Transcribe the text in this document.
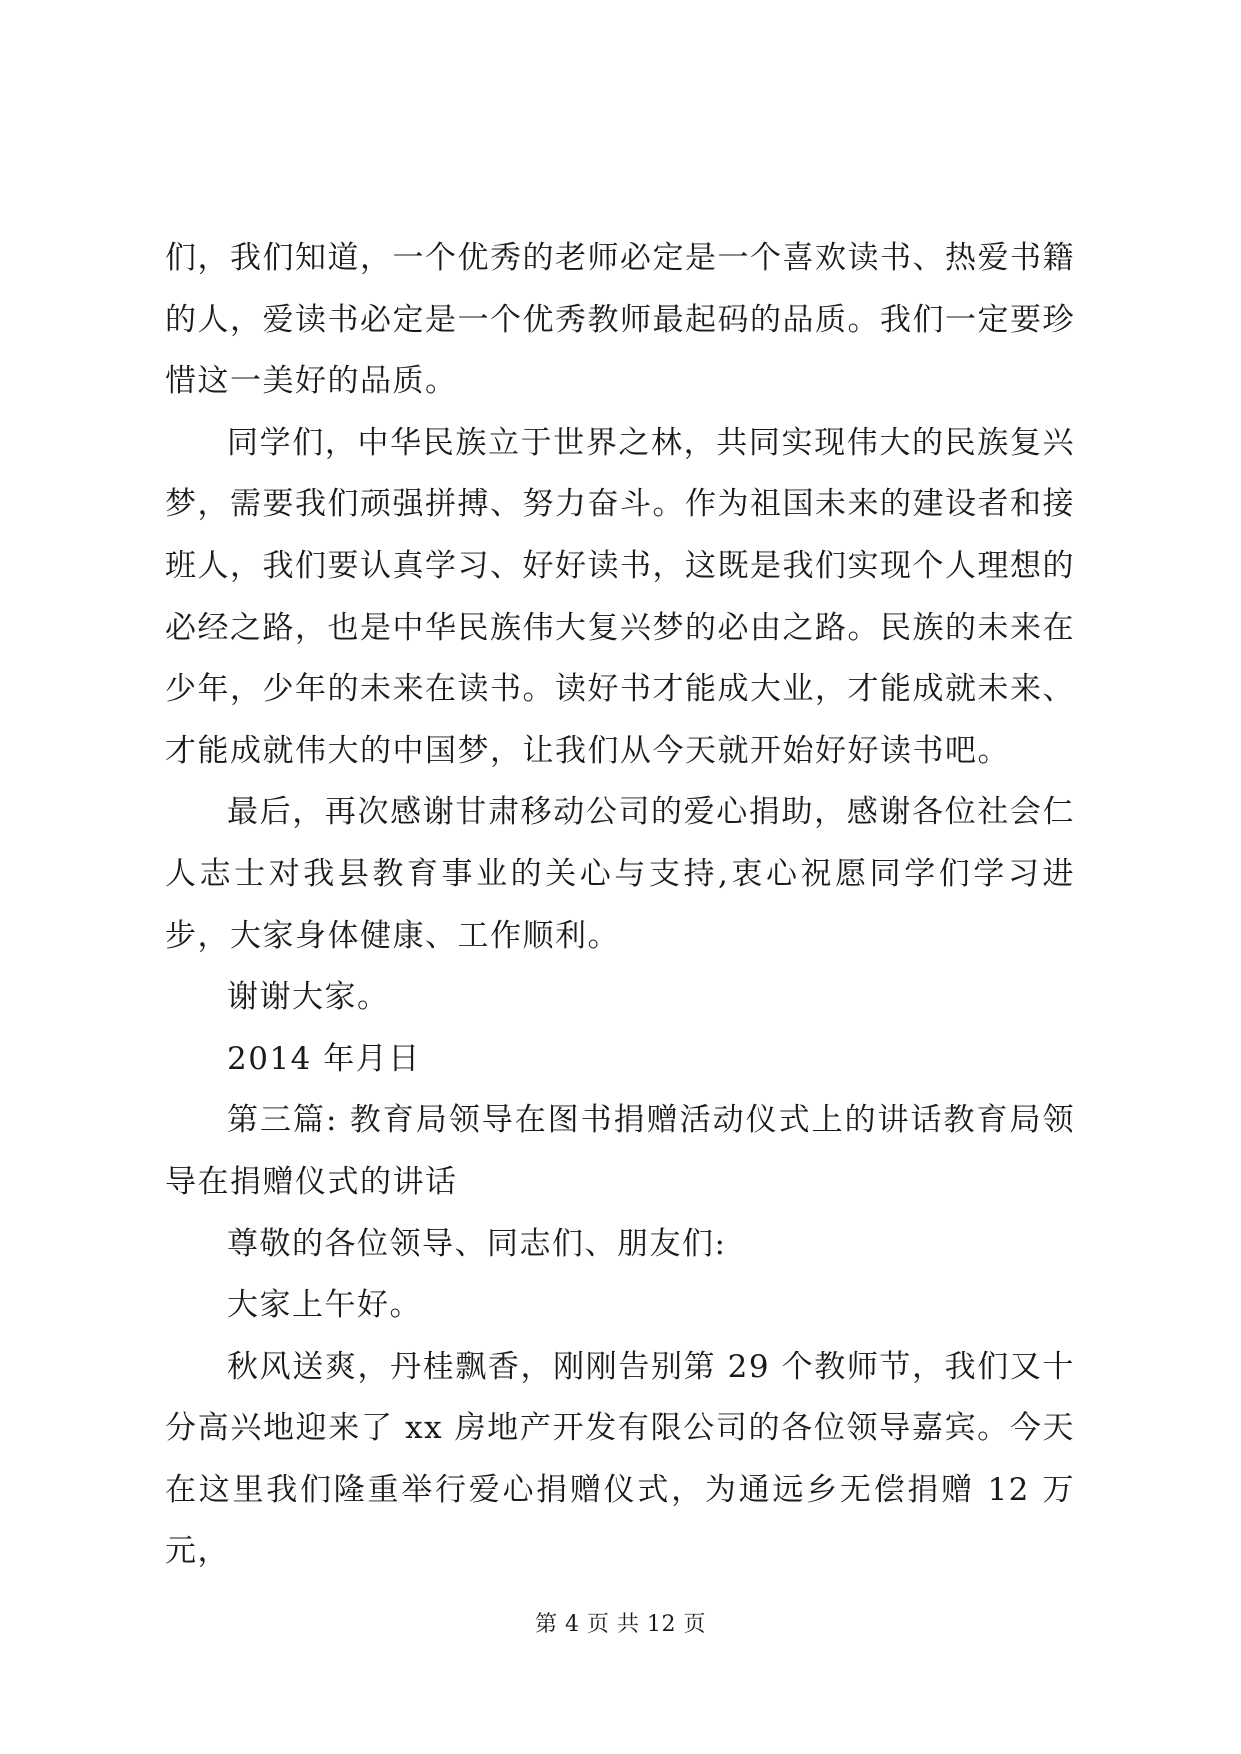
们，我们知道，一个优秀的老师必定是一个喜欢读书、热爱书籍的人，爱读书必定是一个优秀教师最起码的品质。我们一定要珍惜这一美好的品质。

同学们，中华民族立于世界之林，共同实现伟大的民族复兴梦，需要我们顽强拼搏、努力奋斗。作为祖国未来的建设者和接班人，我们要认真学习、好好读书，这既是我们实现个人理想的必经之路，也是中华民族伟大复兴梦的必由之路。民族的未来在少年，少年的未来在读书。读好书才能成大业，才能成就未来、才能成就伟大的中国梦，让我们从今天就开始好好读书吧。

最后，再次感谢甘肃移动公司的爱心捐助，感谢各位社会仁人志士对我县教育事业的关心与支持,衷心祝愿同学们学习进步，大家身体健康、工作顺利。

谢谢大家。

2014 年月日

第三篇: 教育局领导在图书捐赠活动仪式上的讲话教育局领导在捐赠仪式的讲话

尊敬的各位领导、同志们、朋友们:

大家上午好。

秋风送爽，丹桂飘香，刚刚告别第 29 个教师节，我们又十分高兴地迎来了 xx 房地产开发有限公司的各位领导嘉宾。今天在这里我们隆重举行爱心捐赠仪式，为通远乡无偿捐赠 12 万元，

第 4 页 共 12 页
